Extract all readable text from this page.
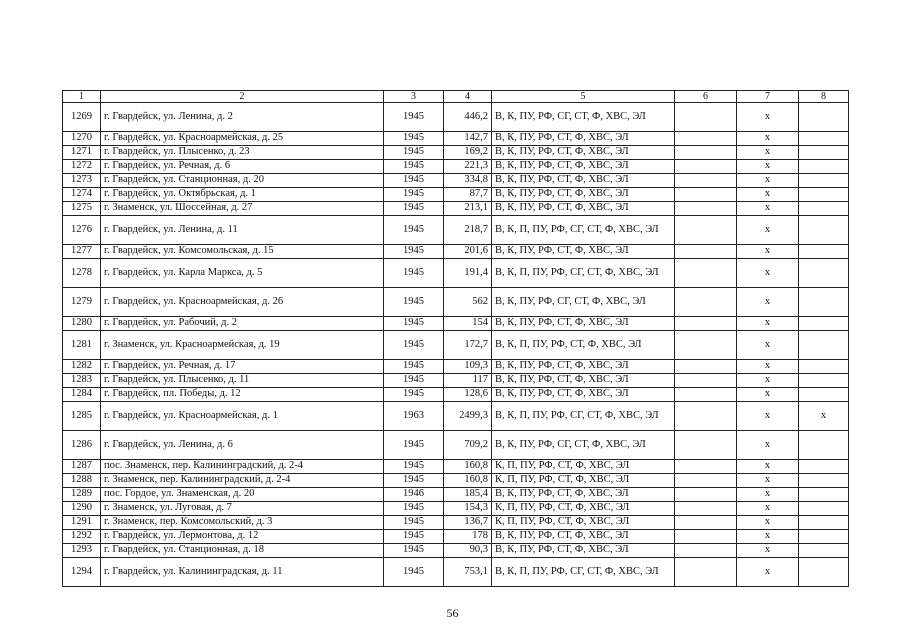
1	2	3	4	5	6	7	8
1269	г. Гвардейск, ул. Ленина, д. 2	1945	446,2	В, К, ПУ, РФ, СГ, СТ, Ф, ХВС, ЭЛ		х	
1270	г. Гвардейск, ул. Красноармейская, д. 25	1945	142,7	В, К, ПУ, РФ, СТ, Ф, ХВС, ЭЛ		х	
1271	г. Гвардейск, ул. Плысенко, д. 23	1945	169,2	В, К, ПУ, РФ, СТ, Ф, ХВС, ЭЛ		х	
1272	г. Гвардейск, ул. Речная, д. 6	1945	221,3	В, К, ПУ, РФ, СТ, Ф, ХВС, ЭЛ		х	
1273	г. Гвардейск, ул. Станционная, д. 20	1945	334,8	В, К, ПУ, РФ, СТ, Ф, ХВС, ЭЛ		х	
1274	г. Гвардейск, ул. Октябрьская, д. 1	1945	87,7	В, К, ПУ, РФ, СТ, Ф, ХВС, ЭЛ		х	
1275	г. Знаменск, ул. Шоссейная, д. 27	1945	213,1	В, К, ПУ, РФ, СТ, Ф, ХВС, ЭЛ		х	
1276	г. Гвардейск, ул. Ленина, д. 11	1945	218,7	В, К, П, ПУ, РФ, СГ, СТ, Ф, ХВС, ЭЛ		х	
1277	г. Гвардейск, ул. Комсомольская, д. 15	1945	201,6	В, К, ПУ, РФ, СТ, Ф, ХВС, ЭЛ		х	
1278	г. Гвардейск, ул. Карла Маркса, д. 5	1945	191,4	В, К, П, ПУ, РФ, СГ, СТ, Ф, ХВС, ЭЛ		х	
1279	г. Гвардейск, ул. Красноармейская, д. 26	1945	562	В, К, ПУ, РФ, СГ, СТ, Ф, ХВС, ЭЛ		х	
1280	г. Гвардейск, ул. Рабочий, д. 2	1945	154	В, К, ПУ, РФ, СТ, Ф, ХВС, ЭЛ		х	
1281	г. Знаменск, ул. Красноармейская, д. 19	1945	172,7	В, К, П, ПУ, РФ, СТ, Ф, ХВС, ЭЛ		х	
1282	г. Гвардейск, ул. Речная, д. 17	1945	109,3	В, К, ПУ, РФ, СТ, Ф, ХВС, ЭЛ		х	
1283	г. Гвардейск, ул. Плысенко, д. 11	1945	117	В, К, ПУ, РФ, СТ, Ф, ХВС, ЭЛ		х	
1284	г. Гвардейск, пл. Победы, д. 12	1945	128,6	В, К, ПУ, РФ, СТ, Ф, ХВС, ЭЛ		х	
1285	г. Гвардейск, ул. Красноармейская, д. 1	1963	2499,3	В, К, П, ПУ, РФ, СГ, СТ, Ф, ХВС, ЭЛ		х	х
1286	г. Гвардейск, ул. Ленина, д. 6	1945	709,2	В, К, ПУ, РФ, СГ, СТ, Ф, ХВС, ЭЛ		х	
1287	пос. Знаменск, пер. Калининградский, д. 2-4	1945	160,8	К, П, ПУ, РФ, СТ, Ф, ХВС, ЭЛ		х	
1288	г. Знаменск, пер. Калининградский, д. 2-4	1945	160,8	К, П, ПУ, РФ, СТ, Ф, ХВС, ЭЛ		х	
1289	пос. Гордое, ул. Знаменская, д. 20	1946	185,4	В, К, ПУ, РФ, СТ, Ф, ХВС, ЭЛ		х	
1290	г. Знаменск, ул. Луговая, д. 7	1945	154,3	К, П, ПУ, РФ, СТ, Ф, ХВС, ЭЛ		х	
1291	г. Знаменск, пер. Комсомольский, д. 3	1945	136,7	К, П, ПУ, РФ, СТ, Ф, ХВС, ЭЛ		х	
1292	г. Гвардейск, ул. Лермонтова, д. 12	1945	178	В, К, ПУ, РФ, СТ, Ф, ХВС, ЭЛ		х	
1293	г. Гвардейск, ул. Станционная, д. 18	1945	90,3	В, К, ПУ, РФ, СТ, Ф, ХВС, ЭЛ		х	
1294	г. Гвардейск, ул. Калининградская, д. 11	1945	753,1	В, К, П, ПУ, РФ, СГ, СТ, Ф, ХВС, ЭЛ		х	
56
